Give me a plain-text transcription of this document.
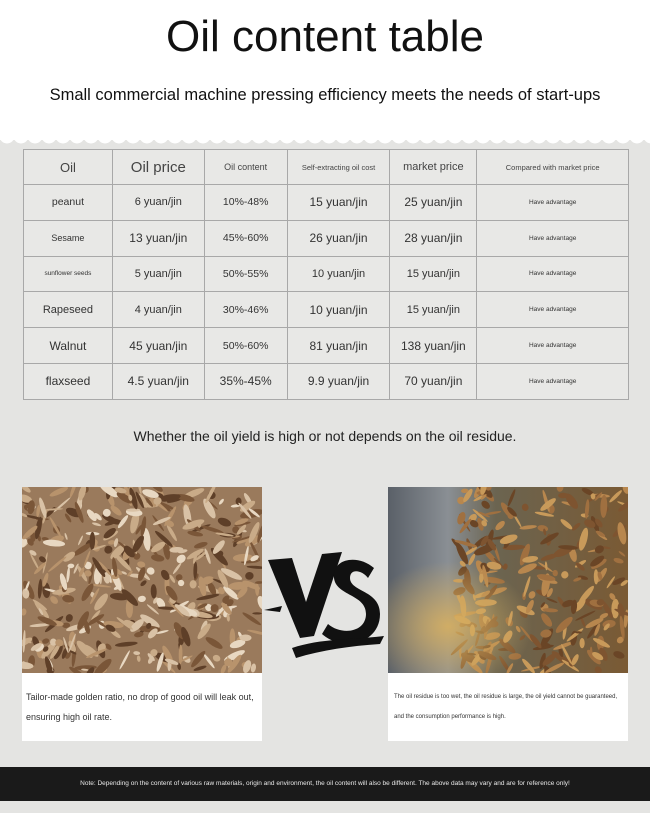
Oil content table
Small commercial machine pressing efficiency meets the needs of start-ups
Oil	Oil price	Oil content	Self-extracting oil cost	market price	Compared with market price
peanut	6 yuan/jin	10%-48%	15 yuan/jin	25 yuan/jin	Have advantage
Sesame	13 yuan/jin	45%-60%	26 yuan/jin	28 yuan/jin	Have advantage
sunflower seeds	5 yuan/jin	50%-55%	10 yuan/jin	15 yuan/jin	Have advantage
Rapeseed	4 yuan/jin	30%-46%	10 yuan/jin	15 yuan/jin	Have advantage
Walnut	45 yuan/jin	50%-60%	81 yuan/jin	138 yuan/jin	Have advantage
flaxseed	4.5 yuan/jin	35%-45%	9.9 yuan/jin	70 yuan/jin	Have advantage
Whether the oil yield is high or not depends on the oil residue.
Tailor-made golden ratio, no drop of good oil will leak out, ensuring high oil rate.
The oil residue is too wet, the oil residue is large, the oil yield cannot be guaranteed, and the consumption performance is high.
Note: Depending on the content of various raw materials, origin and environment, the oil content will also be different. The above data may vary and are for reference only!
